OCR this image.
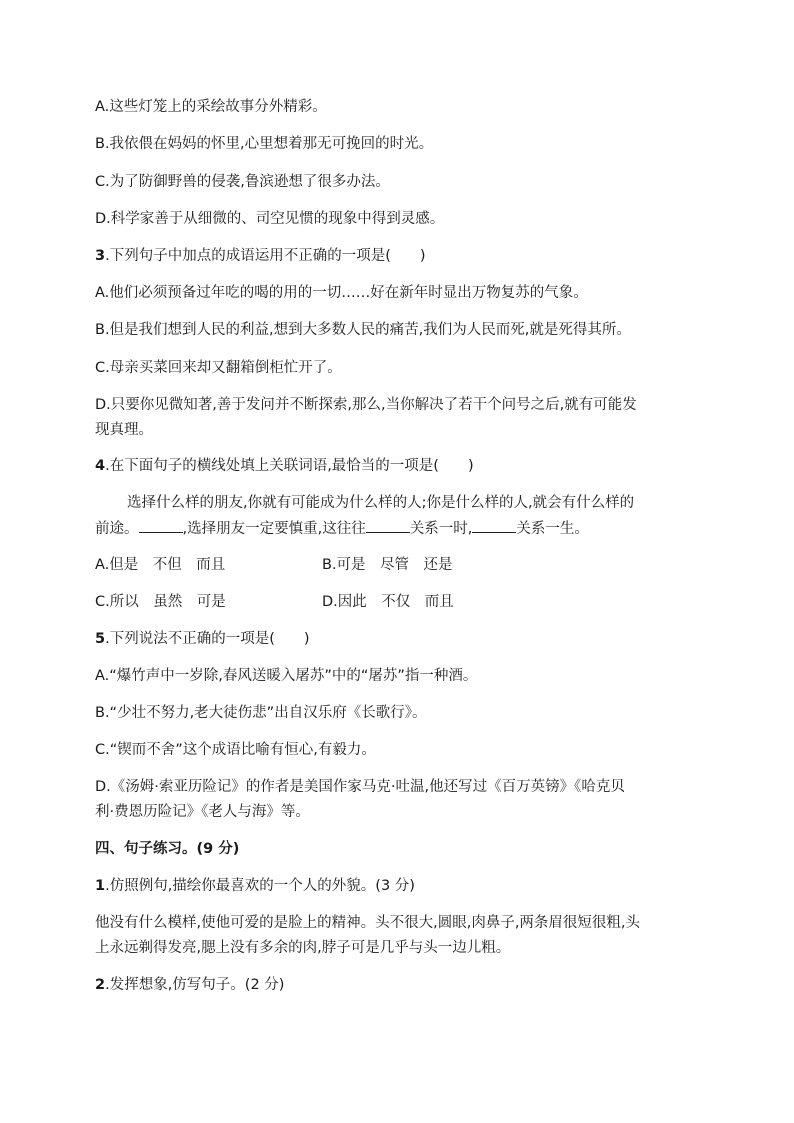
A.这些灯笼上的采绘故事分外精彩。
B.我依偎在妈妈的怀里,心里想着那无可挽回的时光。
C.为了防御野兽的侵袭,鲁滨逊想了很多办法。
D.科学家善于从细微的、司空见惯的现象中得到灵感。
3.下列句子中加点的成语运用不正确的一项是(　　)
A.他们必须预备过年吃的喝的用的一切……好在新年时显出万物复苏的气象。
B.但是我们想到人民的利益,想到大多数人民的痛苦,我们为人民而死,就是死得其所。
C.母亲买菜回来却又翻箱倒柜忙开了。
D.只要你见微知著,善于发问并不断探索,那么,当你解决了若干个问号之后,就有可能发
现真理。
4.在下面句子的横线处填上关联词语,最恰当的一项是(　　)
选择什么样的朋友,你就有可能成为什么样的人;你是什么样的人,就会有什么样的
前途。	,选择朋友一定要慎重,这往往	关系一时,	关系一生。
A.但是　不但　而且	B.可是　尽管　还是
C.所以　虽然　可是	D.因此　不仅　而且
5.下列说法不正确的一项是(　　)
A.“爆竹声中一岁除,春风送暖入屠苏”中的“屠苏”指一种酒。
B.“少壮不努力,老大徒伤悲”出自汉乐府《长歌行》。
C.“锲而不舍”这个成语比喻有恒心,有毅力。
D.《汤姆·索亚历险记》的作者是美国作家马克·吐温,他还写过《百万英镑》《哈克贝
利·费恩历险记》《老人与海》等。
四、句子练习。(9 分)
1.仿照例句,描绘你最喜欢的一个人的外貌。(3 分)
他没有什么模样,使他可爱的是脸上的精神。头不很大,圆眼,肉鼻子,两条眉很短很粗,头
上永远剃得发亮,腮上没有多余的肉,脖子可是几乎与头一边儿粗。
2.发挥想象,仿写句子。(2 分)
